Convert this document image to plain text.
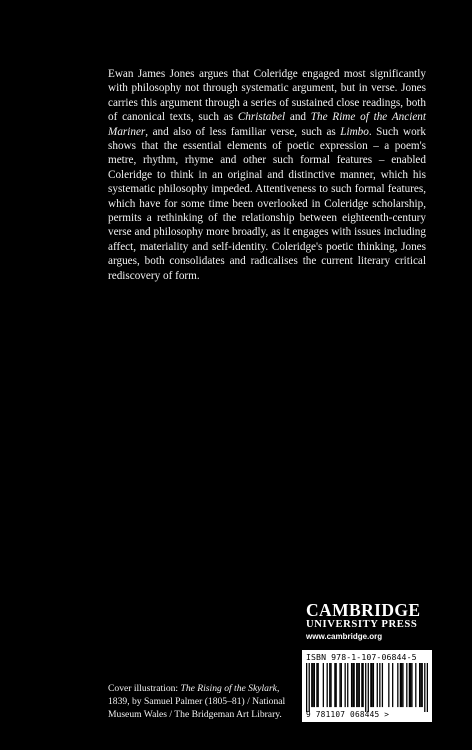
Ewan James Jones argues that Coleridge engaged most significantly with philosophy not through systematic argument, but in verse. Jones carries this argument through a series of sustained close readings, both of canonical texts, such as Christabel and The Rime of the Ancient Mariner, and also of less familiar verse, such as Limbo. Such work shows that the essential elements of poetic expression – a poem's metre, rhythm, rhyme and other such formal features – enabled Coleridge to think in an original and distinctive manner, which his systematic philosophy impeded. Attentiveness to such formal features, which have for some time been overlooked in Coleridge scholarship, permits a rethinking of the relationship between eighteenth-century verse and philosophy more broadly, as it engages with issues including affect, materiality and self-identity. Coleridge's poetic thinking, Jones argues, both consolidates and radicalises the current literary critical rediscovery of form.
CAMBRIDGE
UNIVERSITY PRESS
www.cambridge.org
ISBN 978-1-107-06844-5
9 781107 068445 >
Cover illustration: The Rising of the Skylark, 1839, by Samuel Palmer (1805–81) / National Museum Wales / The Bridgeman Art Library.
